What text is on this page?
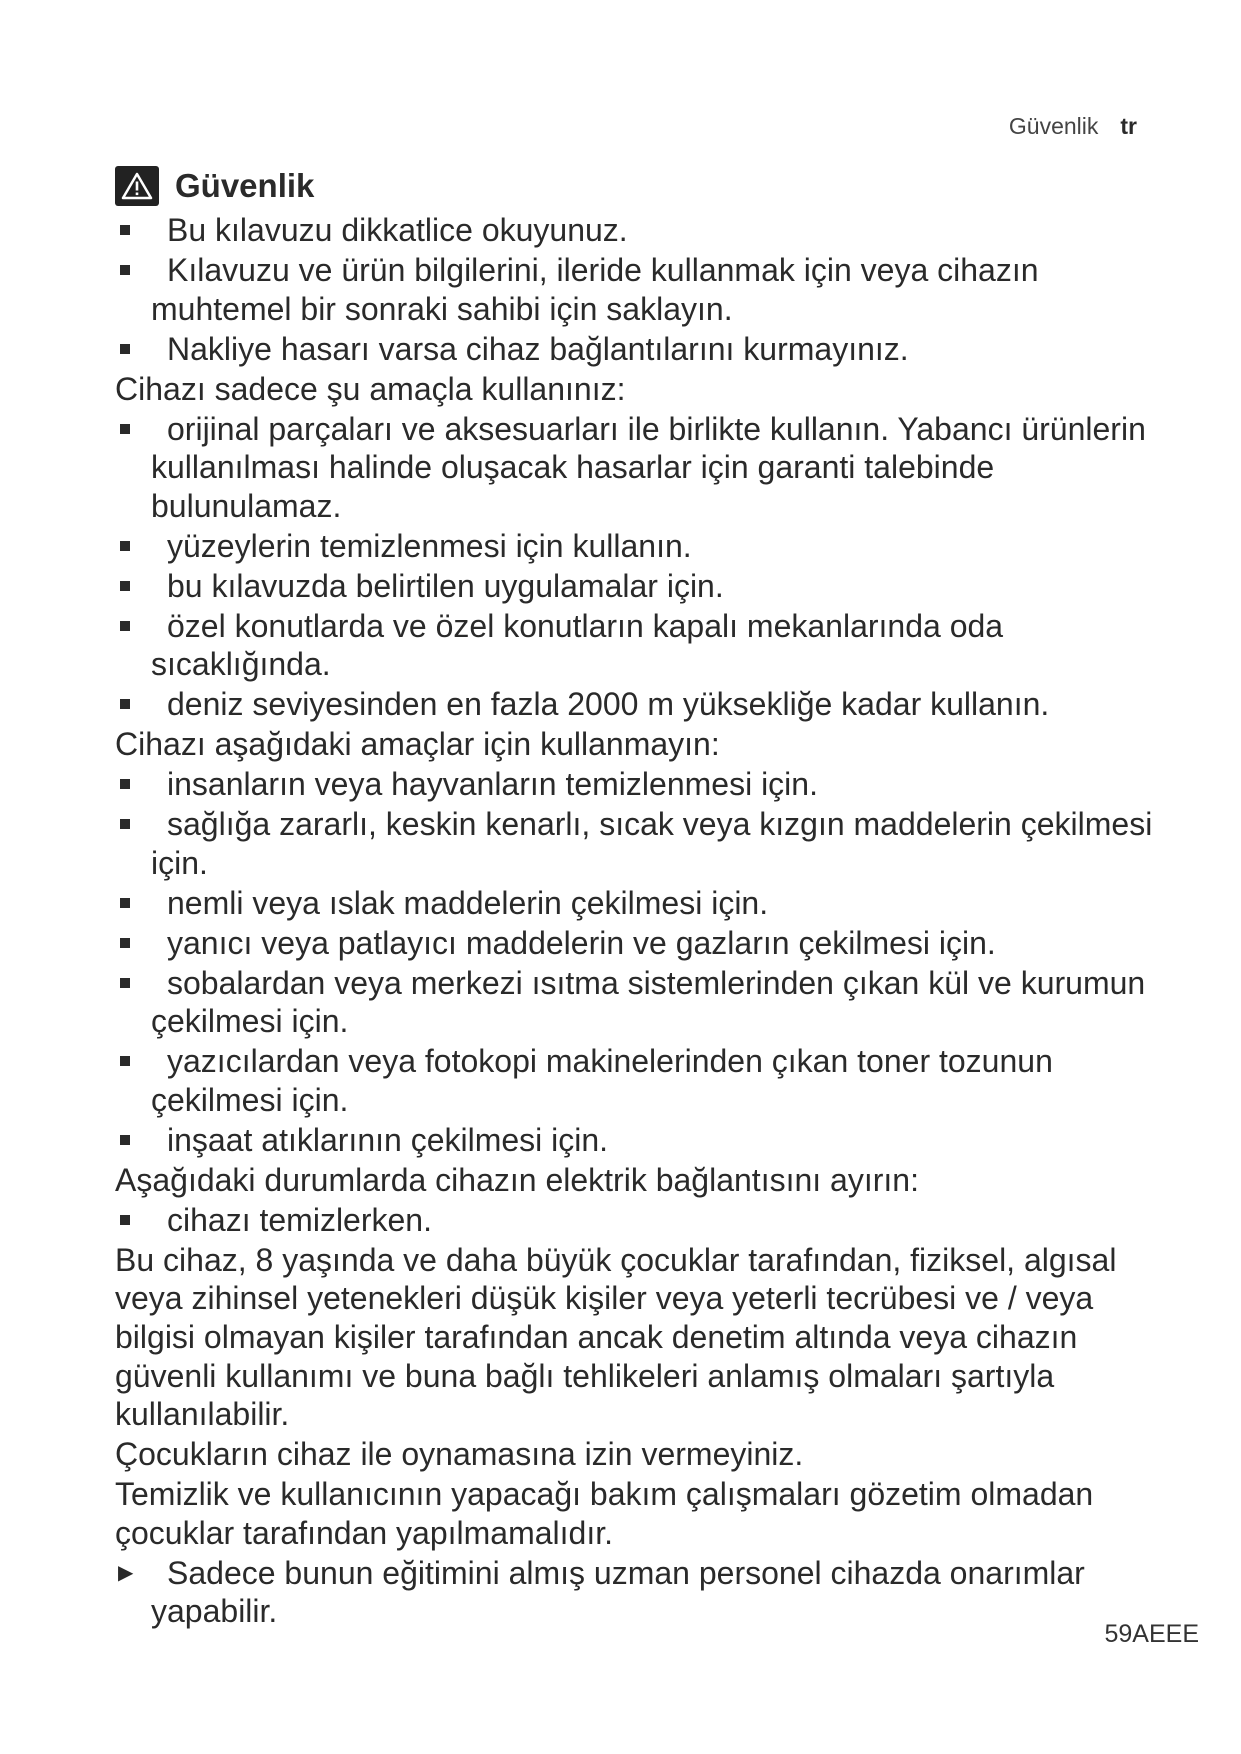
Güvenlik tr
Güvenlik
Bu kılavuzu dikkatlice okuyunuz.
Kılavuzu ve ürün bilgilerini, ileride kullanmak için veya cihazın muhtemel bir sonraki sahibi için saklayın.
Nakliye hasarı varsa cihaz bağlantılarını kurmayınız.

Cihazı sadece şu amaçla kullanınız:

orijinal parçaları ve aksesuarları ile birlikte kullanın. Yabancı ürünlerin kullanılması halinde oluşacak hasarlar için garanti talebinde bulunulamaz.
yüzeylerin temizlenmesi için kullanın.
bu kılavuzda belirtilen uygulamalar için.
özel konutlarda ve özel konutların kapalı mekanlarında oda sıcaklığında.
deniz seviyesinden en fazla 2000 m yüksekliğe kadar kullanın.

Cihazı aşağıdaki amaçlar için kullanmayın:

insanların veya hayvanların temizlenmesi için.
sağlığa zararlı, keskin kenarlı, sıcak veya kızgın maddelerin çekilmesi için.
nemli veya ıslak maddelerin çekilmesi için.
yanıcı veya patlayıcı maddelerin ve gazların çekilmesi için.
sobalardan veya merkezi ısıtma sistemlerinden çıkan kül ve kurumun çekilmesi için.
yazıcılardan veya fotokopi makinelerinden çıkan toner tozunun çekilmesi için.
inşaat atıklarının çekilmesi için.

Aşağıdaki durumlarda cihazın elektrik bağlantısını ayırın:

cihazı temizlerken.

Bu cihaz, 8 yaşında ve daha büyük çocuklar tarafından, fiziksel, algısal veya zihinsel yetenekleri düşük kişiler veya yeterli tecrübesi ve / veya bilgisi olmayan kişiler tarafından ancak denetim altında veya cihazın güvenli kullanımı ve buna bağlı tehlikeleri anlamış olmaları şartıyla kullanılabilir.

Çocukların cihaz ile oynamasına izin vermeyiniz.

Temizlik ve kullanıcının yapacağı bakım çalışmaları gözetim olmadan çocuklar tarafından yapılmamalıdır.

▶ Sadece bunun eğitimini almış uzman personel cihazda onarımlar yapabilir.
59AEEE
